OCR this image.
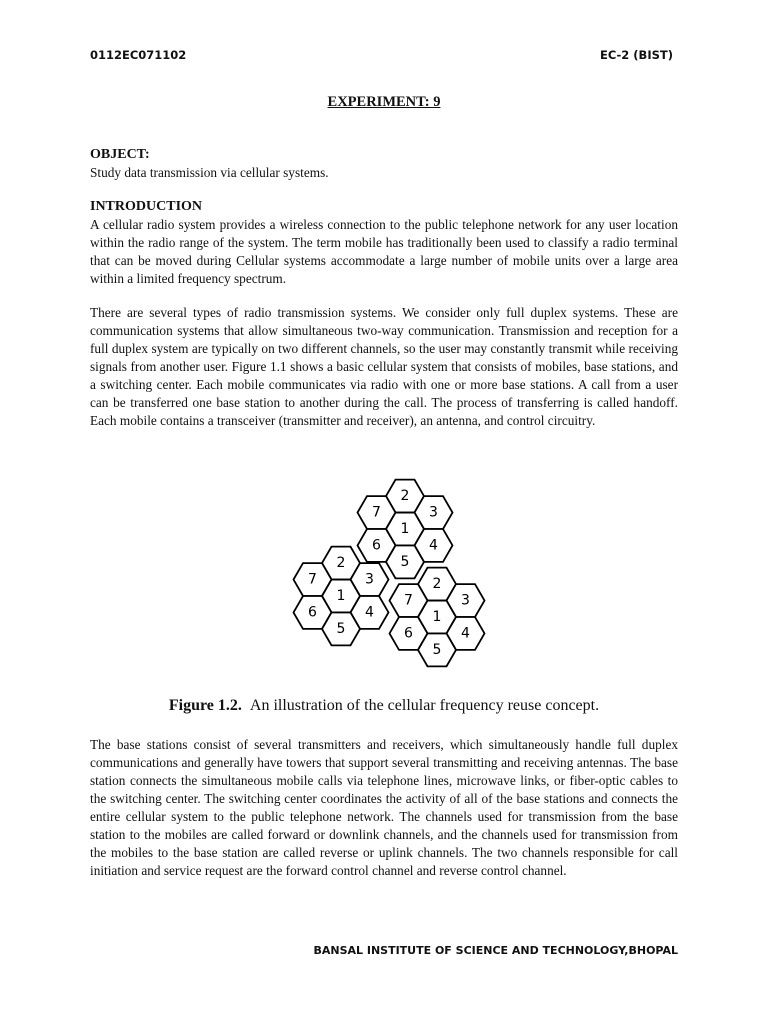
0112EC071102	EC-2 (BIST)
EXPERIMENT: 9
OBJECT:
Study data transmission via cellular systems.
INTRODUCTION
A cellular radio system provides a wireless connection to the public telephone network for any user location within the radio range of the system. The term mobile has traditionally been used to classify a radio terminal that can be moved during Cellular systems accommodate a large number of mobile units over a large area within a limited frequency spectrum.
There are several types of radio transmission systems. We consider only full duplex systems. These are communication systems that allow simultaneous two-way communication. Transmission and reception for a full duplex system are typically on two different channels, so the user may constantly transmit while receiving signals from another user. Figure 1.1 shows a basic cellular system that consists of mobiles, base stations, and a switching center. Each mobile communicates via radio with one or more base stations. A call from a user can be transferred one base station to another during the call. The process of transferring is called handoff. Each mobile contains a transceiver (transmitter and receiver), an antenna, and control circuitry.
2
7	3
1
6	4
5
2
7	3
1
6	4
5
2
7	3
1
6	4
5
Figure 1.2. An illustration of the cellular frequency reuse concept.
The base stations consist of several transmitters and receivers, which simultaneously handle full duplex communications and generally have towers that support several transmitting and receiving antennas. The base station connects the simultaneous mobile calls via telephone lines, microwave links, or fiber-optic cables to the switching center. The switching center coordinates the activity of all of the base stations and connects the entire cellular system to the public telephone network. The channels used for transmission from the base station to the mobiles are called forward or downlink channels, and the channels used for transmission from the mobiles to the base station are called reverse or uplink channels. The two channels responsible for call initiation and service request are the forward control channel and reverse control channel.
BANSAL INSTITUTE OF SCIENCE AND TECHNOLOGY,BHOPAL
